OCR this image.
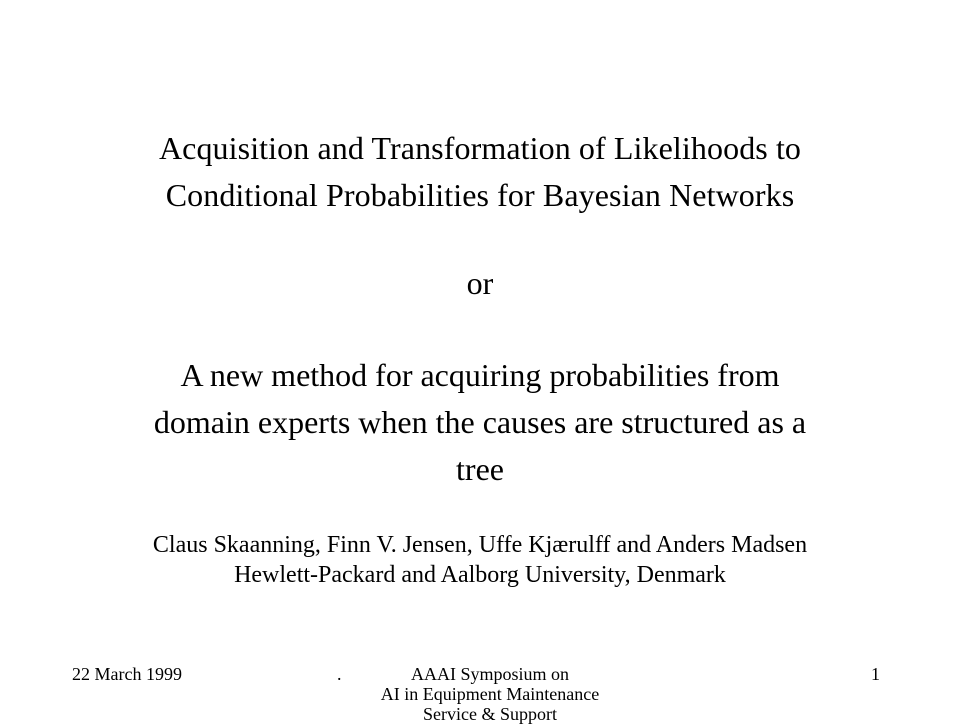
Acquisition and Transformation of Likelihoods to
Conditional Probabilities for Bayesian Networks
or
A new method for acquiring probabilities from
domain experts when the causes are structured as a
tree
Claus Skaanning, Finn V. Jensen, Uffe Kjærulff and Anders Madsen
Hewlett-Packard and Aalborg University, Denmark
22 March 1999	.	AAAI Symposium on
AI in Equipment Maintenance
Service & Support
1
